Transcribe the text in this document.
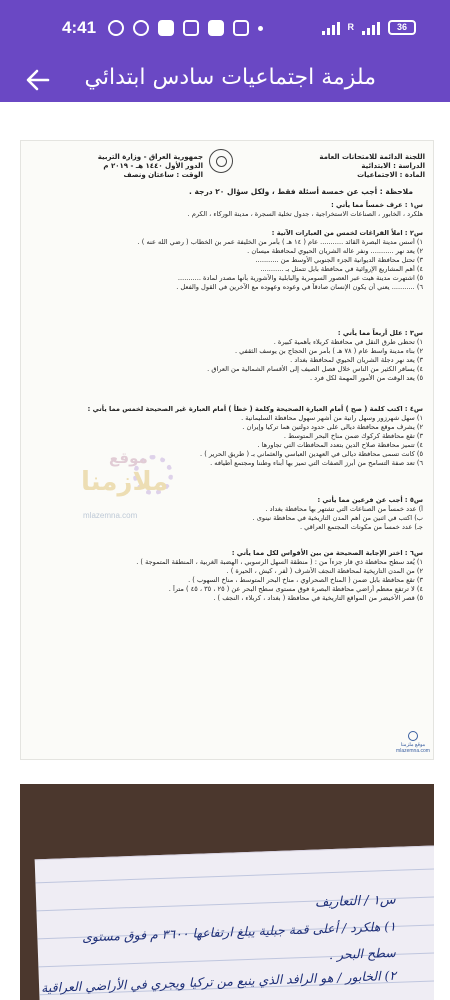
4:41	R	36
ملزمة اجتماعيات سادس ابتدائي
اللجنة الدائمة للامتحانات العامة
الدراسة : الابتدائية
المادة : الاجتماعيات
جمهورية العراق - وزارة التربية
الدور الأول ١٤٤٠ هـ - ٢٠١٩ م
الوقت : ساعتان ونصف
ملاحظة : أجب عن خمسة أسئلة فقط ، ولكل سؤال ٢٠ درجة .
س١ : عرف خمساً مما يأتي :
هلكرد ، الخابور ، الصناعات الاستخراجية ، جدول تخلية السجرة ، مدينة الوركاء ، الكرم .
س٢ : املأ الفراغات لخمس من العبارات الآتية :
١) أسس مدينة البصرة القائد ........... عام ( ١٤ هـ ) بأمر من الخليفة عمر بن الخطاب ( رضي الله عنه ) .
٢) يعد نهر ........... ونفر عاله الشريان الحيوي لمحافظة ميسان .
٣) تحتل محافظة الديوانية الجزء الجنوبي الأوسط من ...........
٤) أهم المشاريع الإروائية في محافظة بابل تتمثل بـ ...........
٥) اشتهرت مدينة هيت عبر العصور السومرية والبابلية والآشورية بأنها مصدر لمادة ...........
٦) ........... يعني أن يكون الإنسان صادقاً في وعوده وعهوده مع الآخرين في القول والفعل .
س٣ : علل أربعاً مما يأتي :
١) تحظى طرق النقل في محافظة كربلاء بأهمية كبيرة .
٢) بناء مدينة واسط عام ( ٧٨ هـ ) بأمر من الحجاج بن يوسف الثقفي .
٣) يعد نهر دجلة الشريان الحيوي لمحافظة بغداد .
٤) يسافر الكثير من الناس خلال فصل الصيف إلى الأقسام الشمالية من العراق .
٥) يعد الوقت من الأمور المهمة لكل فرد .
س٤ : اكتب كلمة ( صح ) أمام العبارة الصحيحة وكلمة ( خطأ ) أمام العبارة غير الصحيحة لخمس مما يأتي :
١) سهل شهرزور وسهل رانية من أشهر سهول محافظة السليمانية .
٢) يشرف موقع محافظة ديالى على حدود دولتين هما تركيا وإيران .
٣) تقع محافظة كركوك ضمن مناخ البحر المتوسط .
٤) تتميز محافظة صلاح الدين بتعدد المحافظات التي تجاورها .
٥) كانت تسمى محافظة ديالى في العهدين العباسي والعثماني بـ ( طريق الحرير ) .
٦) تعد صفة التسامح من أبرز الصفات التي تميز بها أبناء وطننا ومجتمع أطيافه .
موقع
ملازمنا
mlazemna.com
س٥ : أجب عن فرعين مما يأتي :
أ) عدد خمساً من الصناعات التي تشتهر بها محافظة بغداد .
ب) اكتب في اثنين من أهم المدن التاريخية في محافظة نينوى .
جـ) عدد خمساً من مكونات المجتمع العراقي .
س٦ : اختر الإجابة الصحيحة من بين الأقواس لكل مما يأتي :
١) يُعد سطح محافظة ذي قار جزءاً من : ( منطقة السهل الرسوبي ، الهضبة الغربية ، المنطقة المتموجة ) .
٢) من المدن التاريخية لمحافظة النجف الأشرف ( لُفر ، كيش ، الحيرة ) .
٣) تقع محافظة بابل ضمن ( المناخ الصحراوي ، مناخ البحر المتوسط ، مناخ السهوب ) .
٤) لا ترتفع معظم أراضي محافظة البصرة فوق مستوى سطح البحر عن ( ٢٥ ، ٣٥ ، ٤٥ ) متراً .
٥) قصر الأخيضر من المواقع التاريخية في محافظة ( بغداد ، كربلاء ، النجف ) .
موقع ملزمنا
mlazemna.com
س١ / التعاريف
١) هلكرد / أعلى قمة جبلية يبلغ ارتفاعها ٣٦٠٠ م فوق مستوى
سطح البحر .
٢) الخابور / هو الرافد الذي ينبع من تركيا ويجري في الأراضي العراقية
